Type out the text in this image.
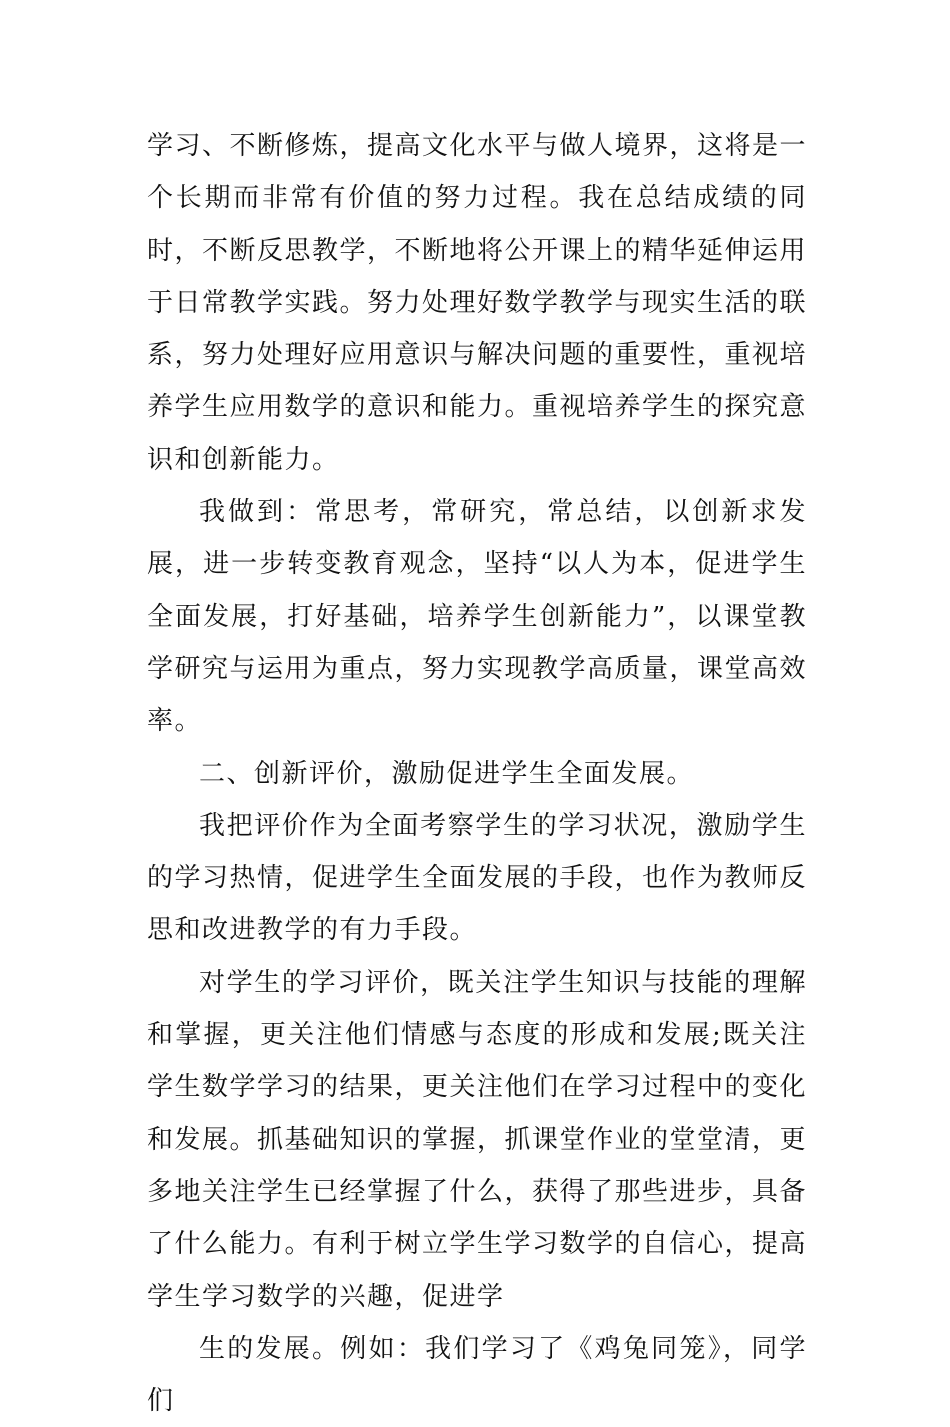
学习、不断修炼，提高文化水平与做人境界，这将是一个长期而非常有价值的努力过程。我在总结成绩的同时，不断反思教学，不断地将公开课上的精华延伸运用于日常教学实践。努力处理好数学教学与现实生活的联系，努力处理好应用意识与解决问题的重要性，重视培养学生应用数学的意识和能力。重视培养学生的探究意识和创新能力。

我做到：常思考，常研究，常总结，以创新求发展，进一步转变教育观念，坚持“以人为本，促进学生全面发展，打好基础，培养学生创新能力”，以课堂教学研究与运用为重点，努力实现教学高质量，课堂高效率。

二、创新评价，激励促进学生全面发展。

我把评价作为全面考察学生的学习状况，激励学生的学习热情，促进学生全面发展的手段，也作为教师反思和改进教学的有力手段。

对学生的学习评价，既关注学生知识与技能的理解和掌握，更关注他们情感与态度的形成和发展;既关注学生数学学习的结果，更关注他们在学习过程中的变化和发展。抓基础知识的掌握，抓课堂作业的堂堂清，更多地关注学生已经掌握了什么，获得了那些进步，具备了什么能力。有利于树立学生学习数学的自信心，提高学生学习数学的兴趣，促进学

生的发展。例如：我们学习了《鸡兔同笼》，同学们
